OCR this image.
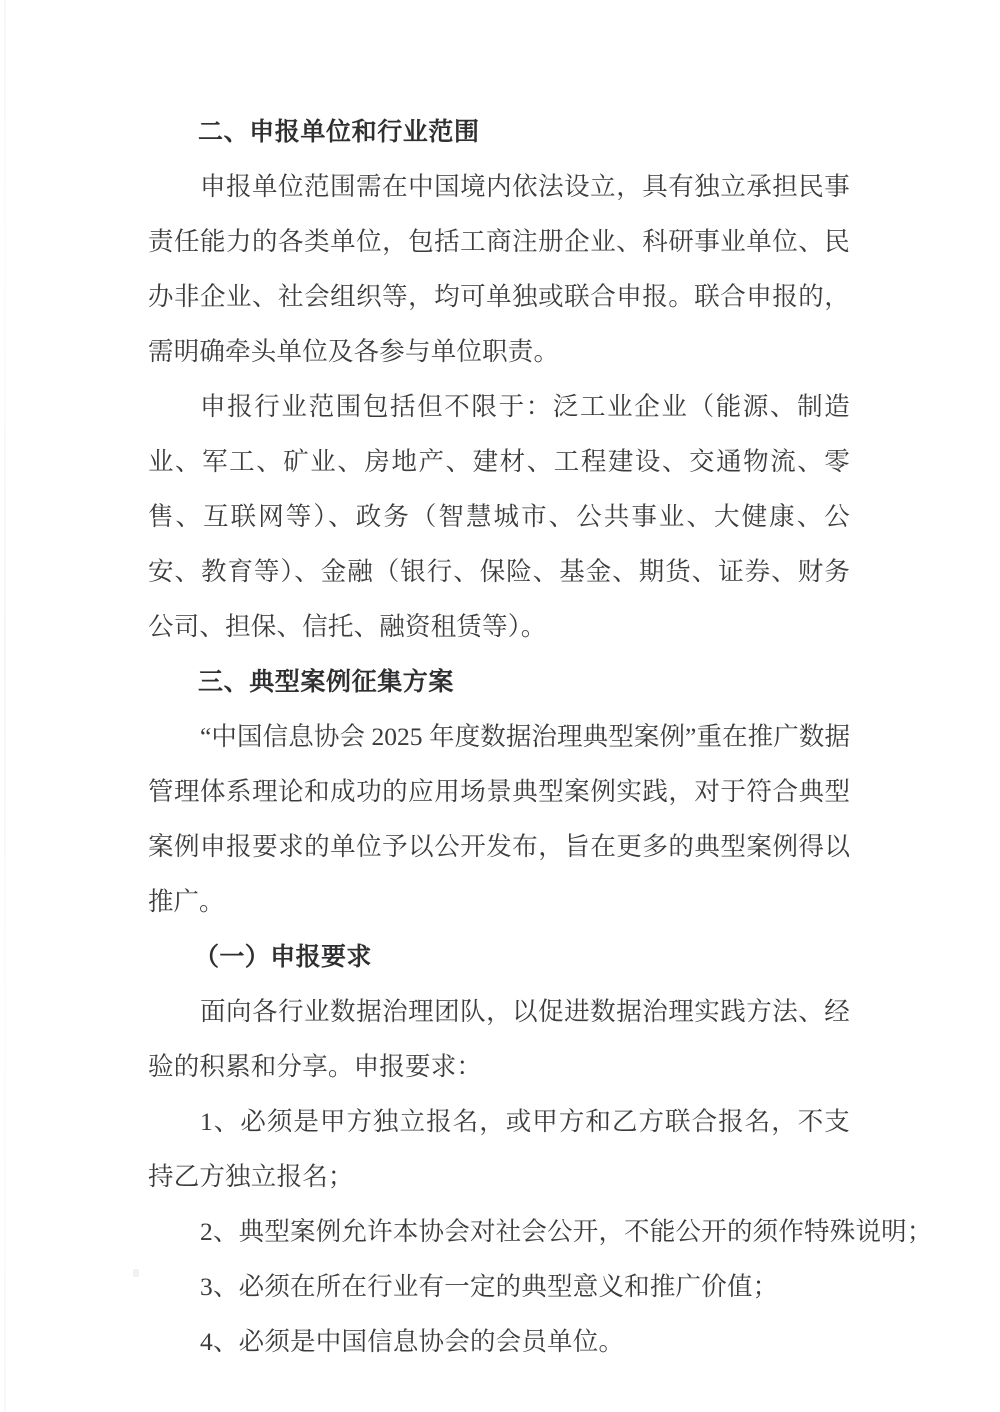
二、申报单位和行业范围

申报单位范围需在中国境内依法设立，具有独立承担民事责任能力的各类单位，包括工商注册企业、科研事业单位、民办非企业、社会组织等，均可单独或联合申报。联合申报的，需明确牵头单位及各参与单位职责。

申报行业范围包括但不限于：泛工业企业（能源、制造业、军工、矿业、房地产、建材、工程建设、交通物流、零售、互联网等）、政务（智慧城市、公共事业、大健康、公安、教育等）、金融（银行、保险、基金、期货、证券、财务公司、担保、信托、融资租赁等）。

三、典型案例征集方案

“中国信息协会 2025 年度数据治理典型案例”重在推广数据管理体系理论和成功的应用场景典型案例实践，对于符合典型案例申报要求的单位予以公开发布，旨在更多的典型案例得以推广。

（一）申报要求

面向各行业数据治理团队，以促进数据治理实践方法、经验的积累和分享。申报要求：

1、必须是甲方独立报名，或甲方和乙方联合报名，不支持乙方独立报名；

2、典型案例允许本协会对社会公开，不能公开的须作特殊说明；

3、必须在所在行业有一定的典型意义和推广价值；

4、必须是中国信息协会的会员单位。
